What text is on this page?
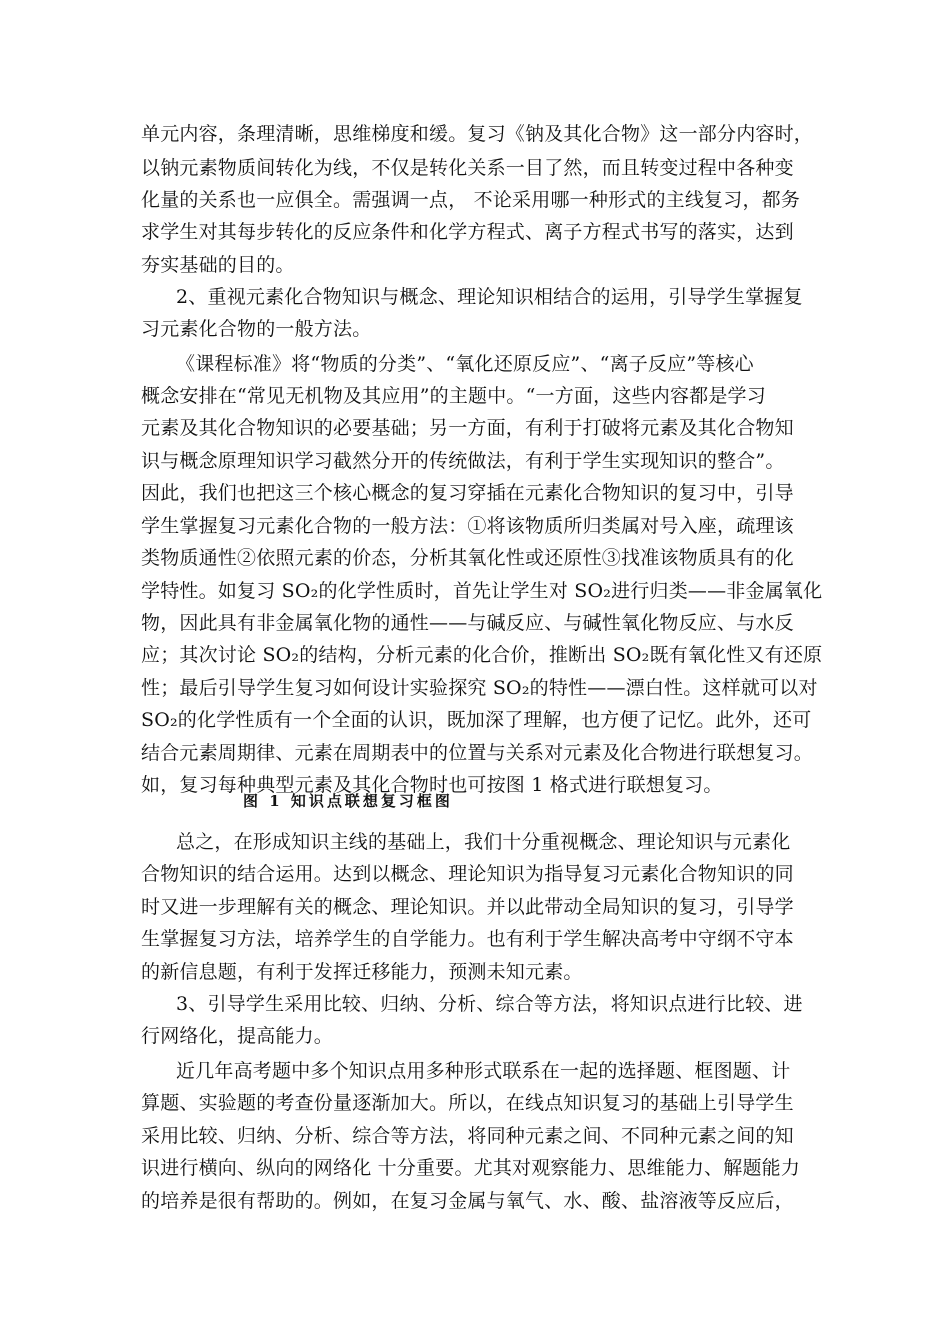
单元内容，条理清晰，思维梯度和缓。复习《钠及其化合物》这一部分内容时，
以钠元素物质间转化为线，不仅是转化关系一目了然，而且转变过程中各种变
化量的关系也一应俱全。需强调一点， 不论采用哪一种形式的主线复习，都务
求学生对其每步转化的反应条件和化学方程式、离子方程式书写的落实，达到
夯实基础的目的。
2、重视元素化合物知识与概念、理论知识相结合的运用，引导学生掌握复
习元素化合物的一般方法。
《课程标准》将“物质的分类”、“氧化还原反应”、“离子反应”等核心
概念安排在“常见无机物及其应用”的主题中。“一方面，这些内容都是学习
元素及其化合物知识的必要基础；另一方面，有利于打破将元素及其化合物知
识与概念原理知识学习截然分开的传统做法，有利于学生实现知识的整合”。
因此，我们也把这三个核心概念的复习穿插在元素化合物知识的复习中，引导
学生掌握复习元素化合物的一般方法：①将该物质所归类属对号入座，疏理该
类物质通性②依照元素的价态，分析其氧化性或还原性③找准该物质具有的化
学特性。如复习 SO₂的化学性质时，首先让学生对 SO₂进行归类——非金属氧化
物，因此具有非金属氧化物的通性——与碱反应、与碱性氧化物反应、与水反
应；其次讨论 SO₂的结构，分析元素的化合价，推断出 SO₂既有氧化性又有还原
性；最后引导学生复习如何设计实验探究 SO₂的特性——漂白性。这样就可以对
SO₂的化学性质有一个全面的认识，既加深了理解，也方便了记忆。此外，还可
结合元素周期律、元素在周期表中的位置与关系对元素及化合物进行联想复习。
如，复习每种典型元素及其化合物时也可按图 1 格式进行联想复习。
图 1 知识点联想复习框图
总之，在形成知识主线的基础上，我们十分重视概念、理论知识与元素化
合物知识的结合运用。达到以概念、理论知识为指导复习元素化合物知识的同
时又进一步理解有关的概念、理论知识。并以此带动全局知识的复习，引导学
生掌握复习方法，培养学生的自学能力。也有利于学生解决高考中守纲不守本
的新信息题，有利于发挥迁移能力，预测未知元素。
3、引导学生采用比较、归纳、分析、综合等方法，将知识点进行比较、进
行网络化，提高能力。
近几年高考题中多个知识点用多种形式联系在一起的选择题、框图题、计
算题、实验题的考查份量逐渐加大。所以，在线点知识复习的基础上引导学生
采用比较、归纳、分析、综合等方法，将同种元素之间、不同种元素之间的知
识进行横向、纵向的网络化 十分重要。尤其对观察能力、思维能力、解题能力
的培养是很有帮助的。例如，在复习金属与氧气、水、酸、盐溶液等反应后，
